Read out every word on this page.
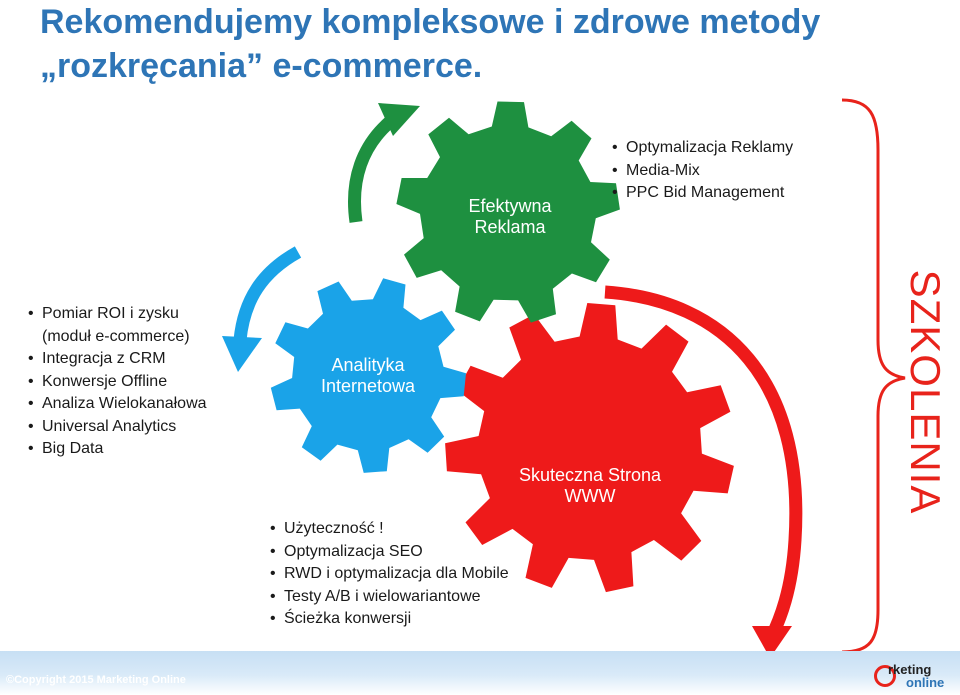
Rekomendujemy kompleksowe i zdrowe metody „rozkręcania” e-commerce.
Efektywna
Reklama
Analityka
Internetowa
Skuteczna Strona
WWW
• Optymalizacja Reklamy
• Media-Mix
• PPC Bid Management
• Pomiar ROI i zysku
(moduł e-commerce)
• Integracja z CRM
• Konwersje Offline
• Analiza Wielokanałowa
• Universal Analytics
• Big Data
• Użyteczność !
• Optymalizacja SEO
• RWD i optymalizacja dla Mobile
• Testy A/B i wielowariantowe
• Ścieżka konwersji
SZKOLENIA
©Copyright 2015 Marketing Online
rketing
online
